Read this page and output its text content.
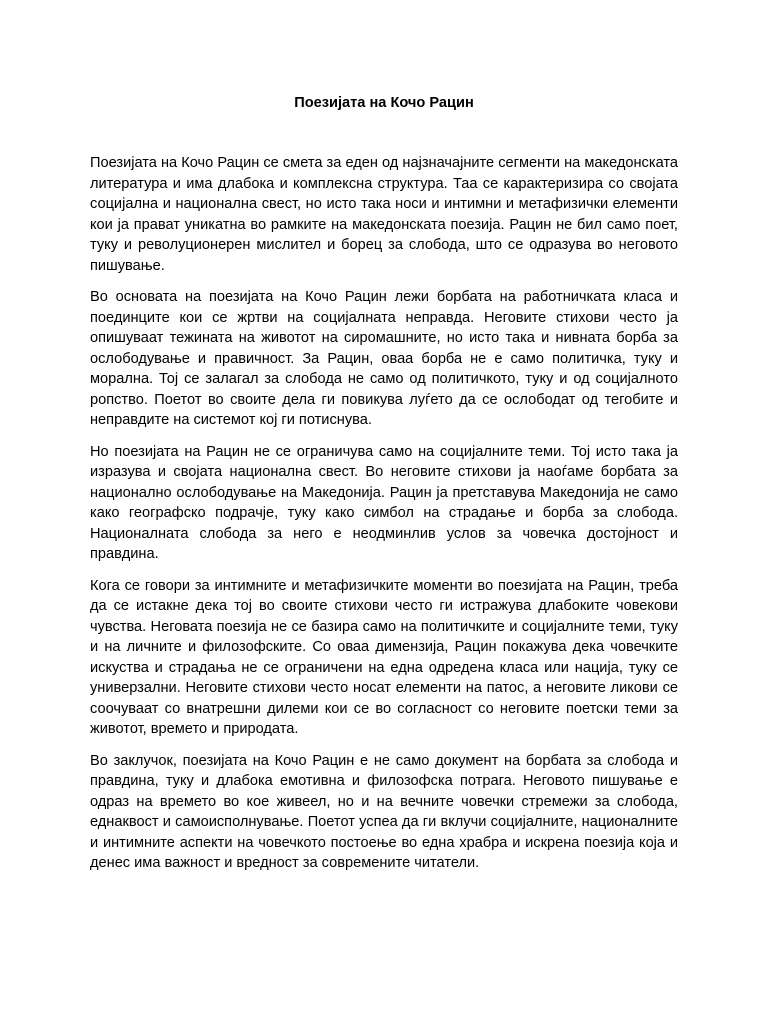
Поезијата на Кочо Рацин

Поезијата на Кочо Рацин се смета за еден од најзначајните сегменти на македонската литература и има длабока и комплексна структура. Таа се карактеризира со својата социјална и национална свест, но исто така носи и интимни и метафизички елементи кои ја прават уникатна во рамките на македонската поезија. Рацин не бил само поет, туку и револуционерен мислител и борец за слобода, што се одразува во неговото пишување.

Во основата на поезијата на Кочо Рацин лежи борбата на работничката класа и поединците кои се жртви на социјалната неправда. Неговите стихови често ја опишуваат тежината на животот на сиромашните, но исто така и нивната борба за ослободување и правичност. За Рацин, оваа борба не е само политичка, туку и морална. Тој се залагал за слобода не само од политичкото, туку и од социјалното ропство. Поетот во своите дела ги повикува луѓето да се ослободат од тегобите и неправдите на системот кој ги потиснува.

Но поезијата на Рацин не се ограничува само на социјалните теми. Тој исто така ја изразува и својата национална свест. Во неговите стихови ја наоѓаме борбата за национално ослободување на Македонија. Рацин ја претставува Македонија не само како географско подрачје, туку како симбол на страдање и борба за слобода. Националната слобода за него е неодминлив услов за човечка достојност и правдина.

Кога се говори за интимните и метафизичките моменти во поезијата на Рацин, треба да се истакне дека тој во своите стихови често ги истражува длабоките човекови чувства. Неговата поезија не се базира само на политичките и социјалните теми, туку и на личните и филозофските. Со оваа димензија, Рацин покажува дека човечките искуства и страдања не се ограничени на една одредена класа или нација, туку се универзални. Неговите стихови често носат елементи на патос, а неговите ликови се соочуваат со внатрешни дилеми кои се во согласност со неговите поетски теми за животот, времето и природата.

Во заклучок, поезијата на Кочо Рацин е не само документ на борбата за слобода и правдина, туку и длабока емотивна и филозофска потрага. Неговото пишување е одраз на времето во кое живеел, но и на вечните човечки стремежи за слобода, еднаквост и самоисполнување. Поетот успеа да ги вклучи социјалните, националните и интимните аспекти на човечкото постоење во една храбра и искрена поезија која и денес има важност и вредност за современите читатели.
